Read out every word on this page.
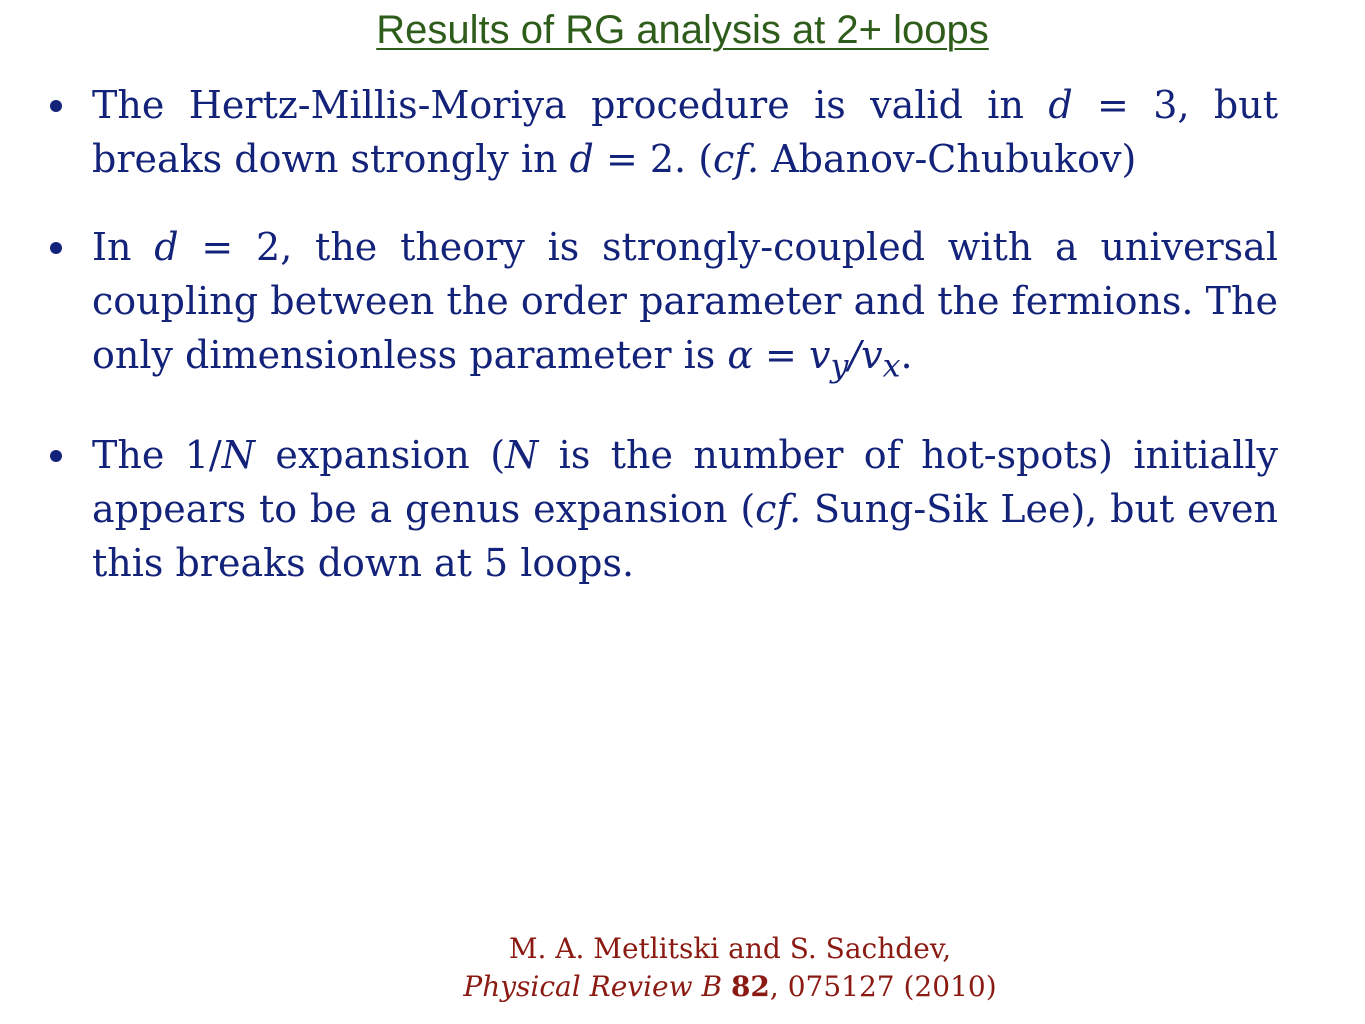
Results of RG analysis at 2+ loops
The Hertz-Millis-Moriya procedure is valid in d = 3, but breaks down strongly in d = 2. (cf. Abanov-Chubukov)
In d = 2, the theory is strongly-coupled with a universal coupling between the order parameter and the fermions. The only dimensionless parameter is $\alpha = v_y/v_x$.
The 1/N expansion (N is the number of hot-spots) initially appears to be a genus expansion (cf. Sung-Sik Lee), but even this breaks down at 5 loops.
M. A. Metlitski and S. Sachdev,
Physical Review B 82, 075127 (2010)
